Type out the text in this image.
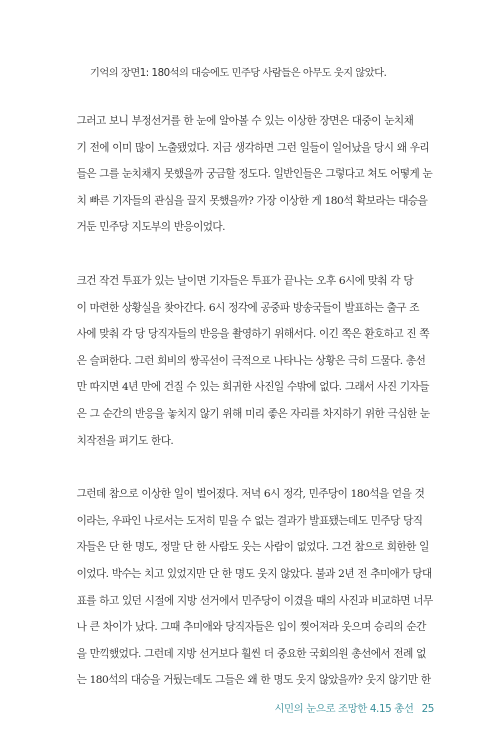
기억의 장면1: 180석의 대승에도 민주당 사람들은 아무도 웃지 않았다.

그러고 보니 부정선거를 한 눈에 알아볼 수 있는 이상한 장면은 대중이 눈치채
기 전에 이미 많이 노출됐었다. 지금 생각하면 그런 일들이 일어났을 당시 왜 우리
들은 그를 눈치채지 못했을까 궁금할 정도다. 일반인들은 그렇다고 쳐도 어떻게 눈
치 빠른 기자들의 관심을 끌지 못했을까? 가장 이상한 게 180석 확보라는 대승을
거둔 민주당 지도부의 반응이었다.

크건 작건 투표가 있는 날이면 기자들은 투표가 끝나는 오후 6시에 맞춰 각 당
이 마련한 상황실을 찾아간다. 6시 정각에 공중파 방송국들이 발표하는 출구 조
사에 맞춰 각 당 당직자들의 반응을 촬영하기 위해서다. 이긴 쪽은 환호하고 진 쪽
은 슬퍼한다. 그런 희비의 쌍곡선이 극적으로 나타나는 상황은 극히 드물다. 총선
만 따지면 4년 만에 건질 수 있는 희귀한 사진일 수밖에 없다. 그래서 사진 기자들
은 그 순간의 반응을 놓치지 않기 위해 미리 좋은 자리를 차지하기 위한 극심한 눈
치작전을 펴기도 한다.

그런데 참으로 이상한 일이 벌어졌다. 저녁 6시 정각, 민주당이 180석을 얻을 것
이라는, 우파인 나로서는 도저히 믿을 수 없는 결과가 발표됐는데도 민주당 당직
자들은 단 한 명도, 정말 단 한 사람도 웃는 사람이 없었다. 그건 참으로 희한한 일
이었다. 박수는 치고 있었지만 단 한 명도 웃지 않았다. 불과 2년 전 추미애가 당대
표를 하고 있던 시절에 지방 선거에서 민주당이 이겼을 때의 사진과 비교하면 너무
나 큰 차이가 났다. 그때 추미애와 당직자들은 입이 찢어져라 웃으며 승리의 순간
을 만끽했었다. 그런데 지방 선거보다 훨씬 더 중요한 국회의원 총선에서 전례 없
는 180석의 대승을 거뒀는데도 그들은 왜 한 명도 웃지 않았을까? 웃지 않기만 한

시민의 눈으로 조망한 4.15 총선 25
